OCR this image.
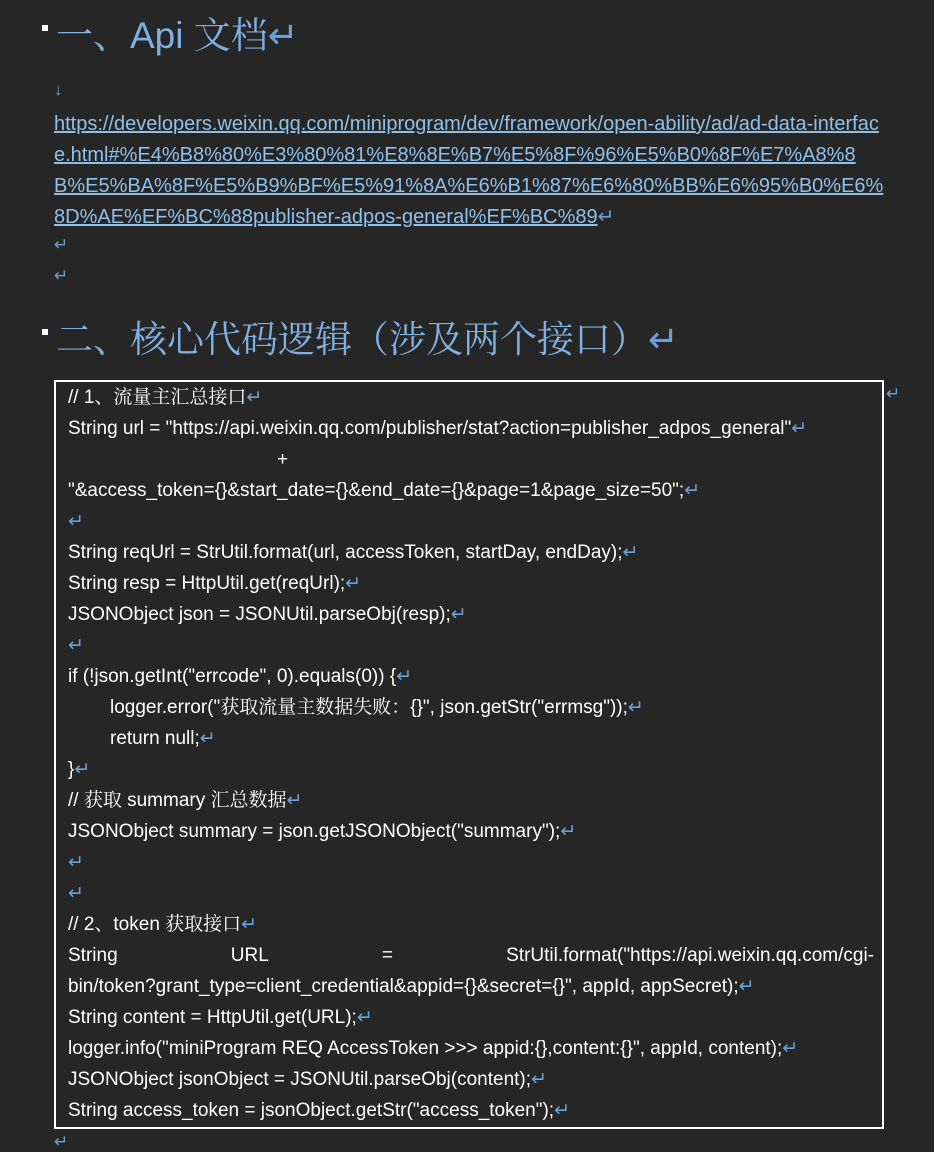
一、Api 文档↵
↓
https://developers.weixin.qq.com/miniprogram/dev/framework/open-ability/ad/ad-data-interface.html#%E4%B8%80%E3%80%81%E8%8E%B7%E5%8F%96%E5%B0%8F%E7%A8%8B%E5%BA%8F%E5%B9%BF%E5%91%8A%E6%B1%87%E6%80%BB%E6%95%B0%E6%8D%AE%EF%BC%88publisher-adpos-general%EF%BC%89↵
↵
↵
二、核心代码逻辑（涉及两个接口）↵
// 1、流量主汇总接口↵
String url = "https://api.weixin.qq.com/publisher/stat?action=publisher_adpos_general"↵
+
"&access_token={}&start_date={}&end_date={}&page=1&page_size=50";↵
↵
String reqUrl = StrUtil.format(url, accessToken, startDay, endDay);↵
String resp = HttpUtil.get(reqUrl);↵
JSONObject json = JSONUtil.parseObj(resp);↵
↵
if (!json.getInt("errcode", 0).equals(0)) {↵
logger.error("获取流量主数据失败：{}", json.getStr("errmsg"));↵
return null;↵
}↵
// 获取 summary 汇总数据↵
JSONObject summary = json.getJSONObject("summary");↵
↵
↵
// 2、token 获取接口↵
String	URL	=	StrUtil.format("https://api.weixin.qq.com/cgi-
bin/token?grant_type=client_credential&appid={}&secret={}", appId, appSecret);↵
String content = HttpUtil.get(URL);↵
logger.info("miniProgram REQ AccessToken >>> appid:{},content:{}", appId, content);↵
JSONObject jsonObject = JSONUtil.parseObj(content);↵
String access_token = jsonObject.getStr("access_token");↵
↵
↵
